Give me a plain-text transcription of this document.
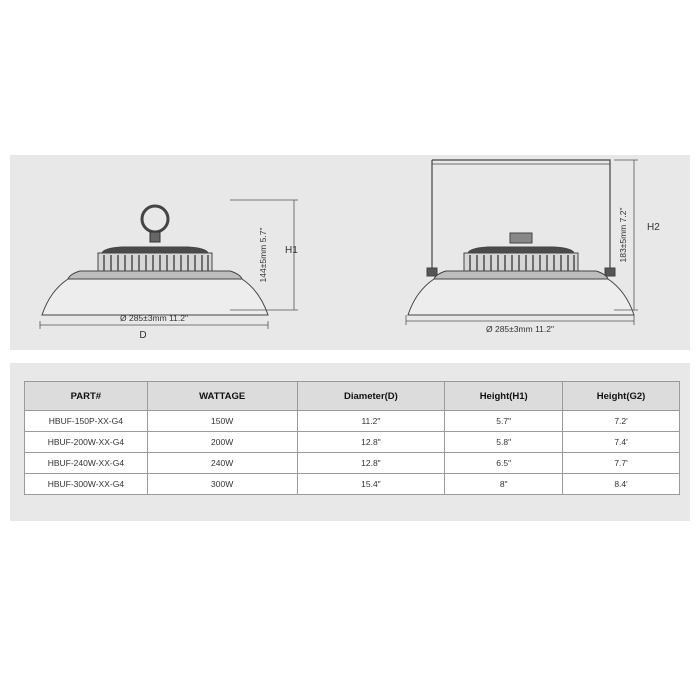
Ø 285±3mm 11.2"
D
144±5mm 5.7" H1
Ø 285±3mm 11.2"
183±5mm 7.2" H2
PART#	WATTAGE	Diameter(D)	Height(H1)	Height(G2)
HBUF-150P-XX-G4	150W	11.2"	5.7"	7.2'
HBUF-200W-XX-G4	200W	12.8"	5.8"	7.4'
HBUF-240W-XX-G4	240W	12.8"	6.5"	7.7'
HBUF-300W-XX-G4	300W	15.4"	8"	8.4'
